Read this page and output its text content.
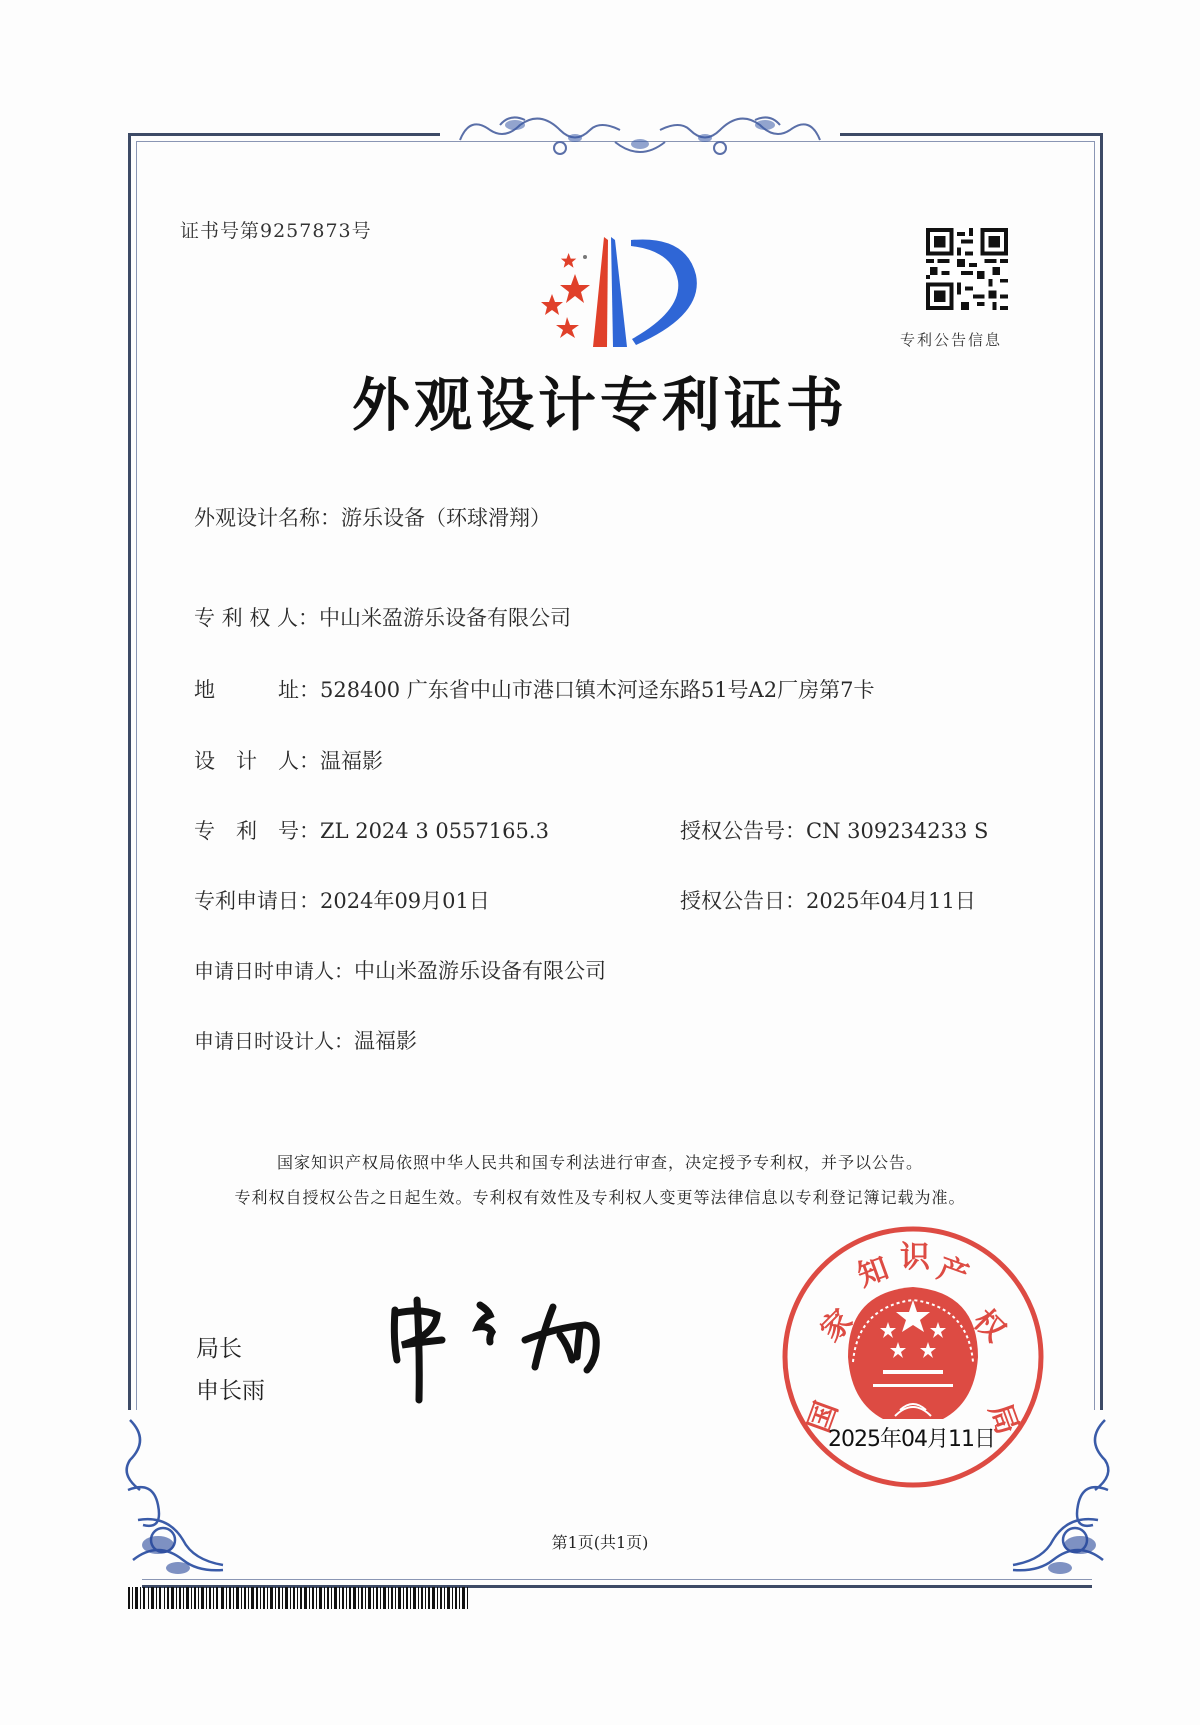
证书号第9257873号
专利公告信息
外观设计专利证书
外观设计名称：游乐设备（环球滑翔）
专 利 权 人：中山米盈游乐设备有限公司
地　　　址：528400 广东省中山市港口镇木河迳东路51号A2厂房第7卡
设　计　人：温福影
专　利　号：ZL 2024 3 0557165.3	授权公告号：CN 309234233 S
专利申请日：2024年09月01日	授权公告日：2025年04月11日
申请日时申请人：中山米盈游乐设备有限公司
申请日时设计人：温福影
国家知识产权局依照中华人民共和国专利法进行审查，决定授予专利权，并予以公告。
专利权自授权公告之日起生效。专利权有效性及专利权人变更等法律信息以专利登记簿记载为准。
局长
申长雨
国
家
知 识 产
权
局
2025年04月11日
第1页(共1页)
